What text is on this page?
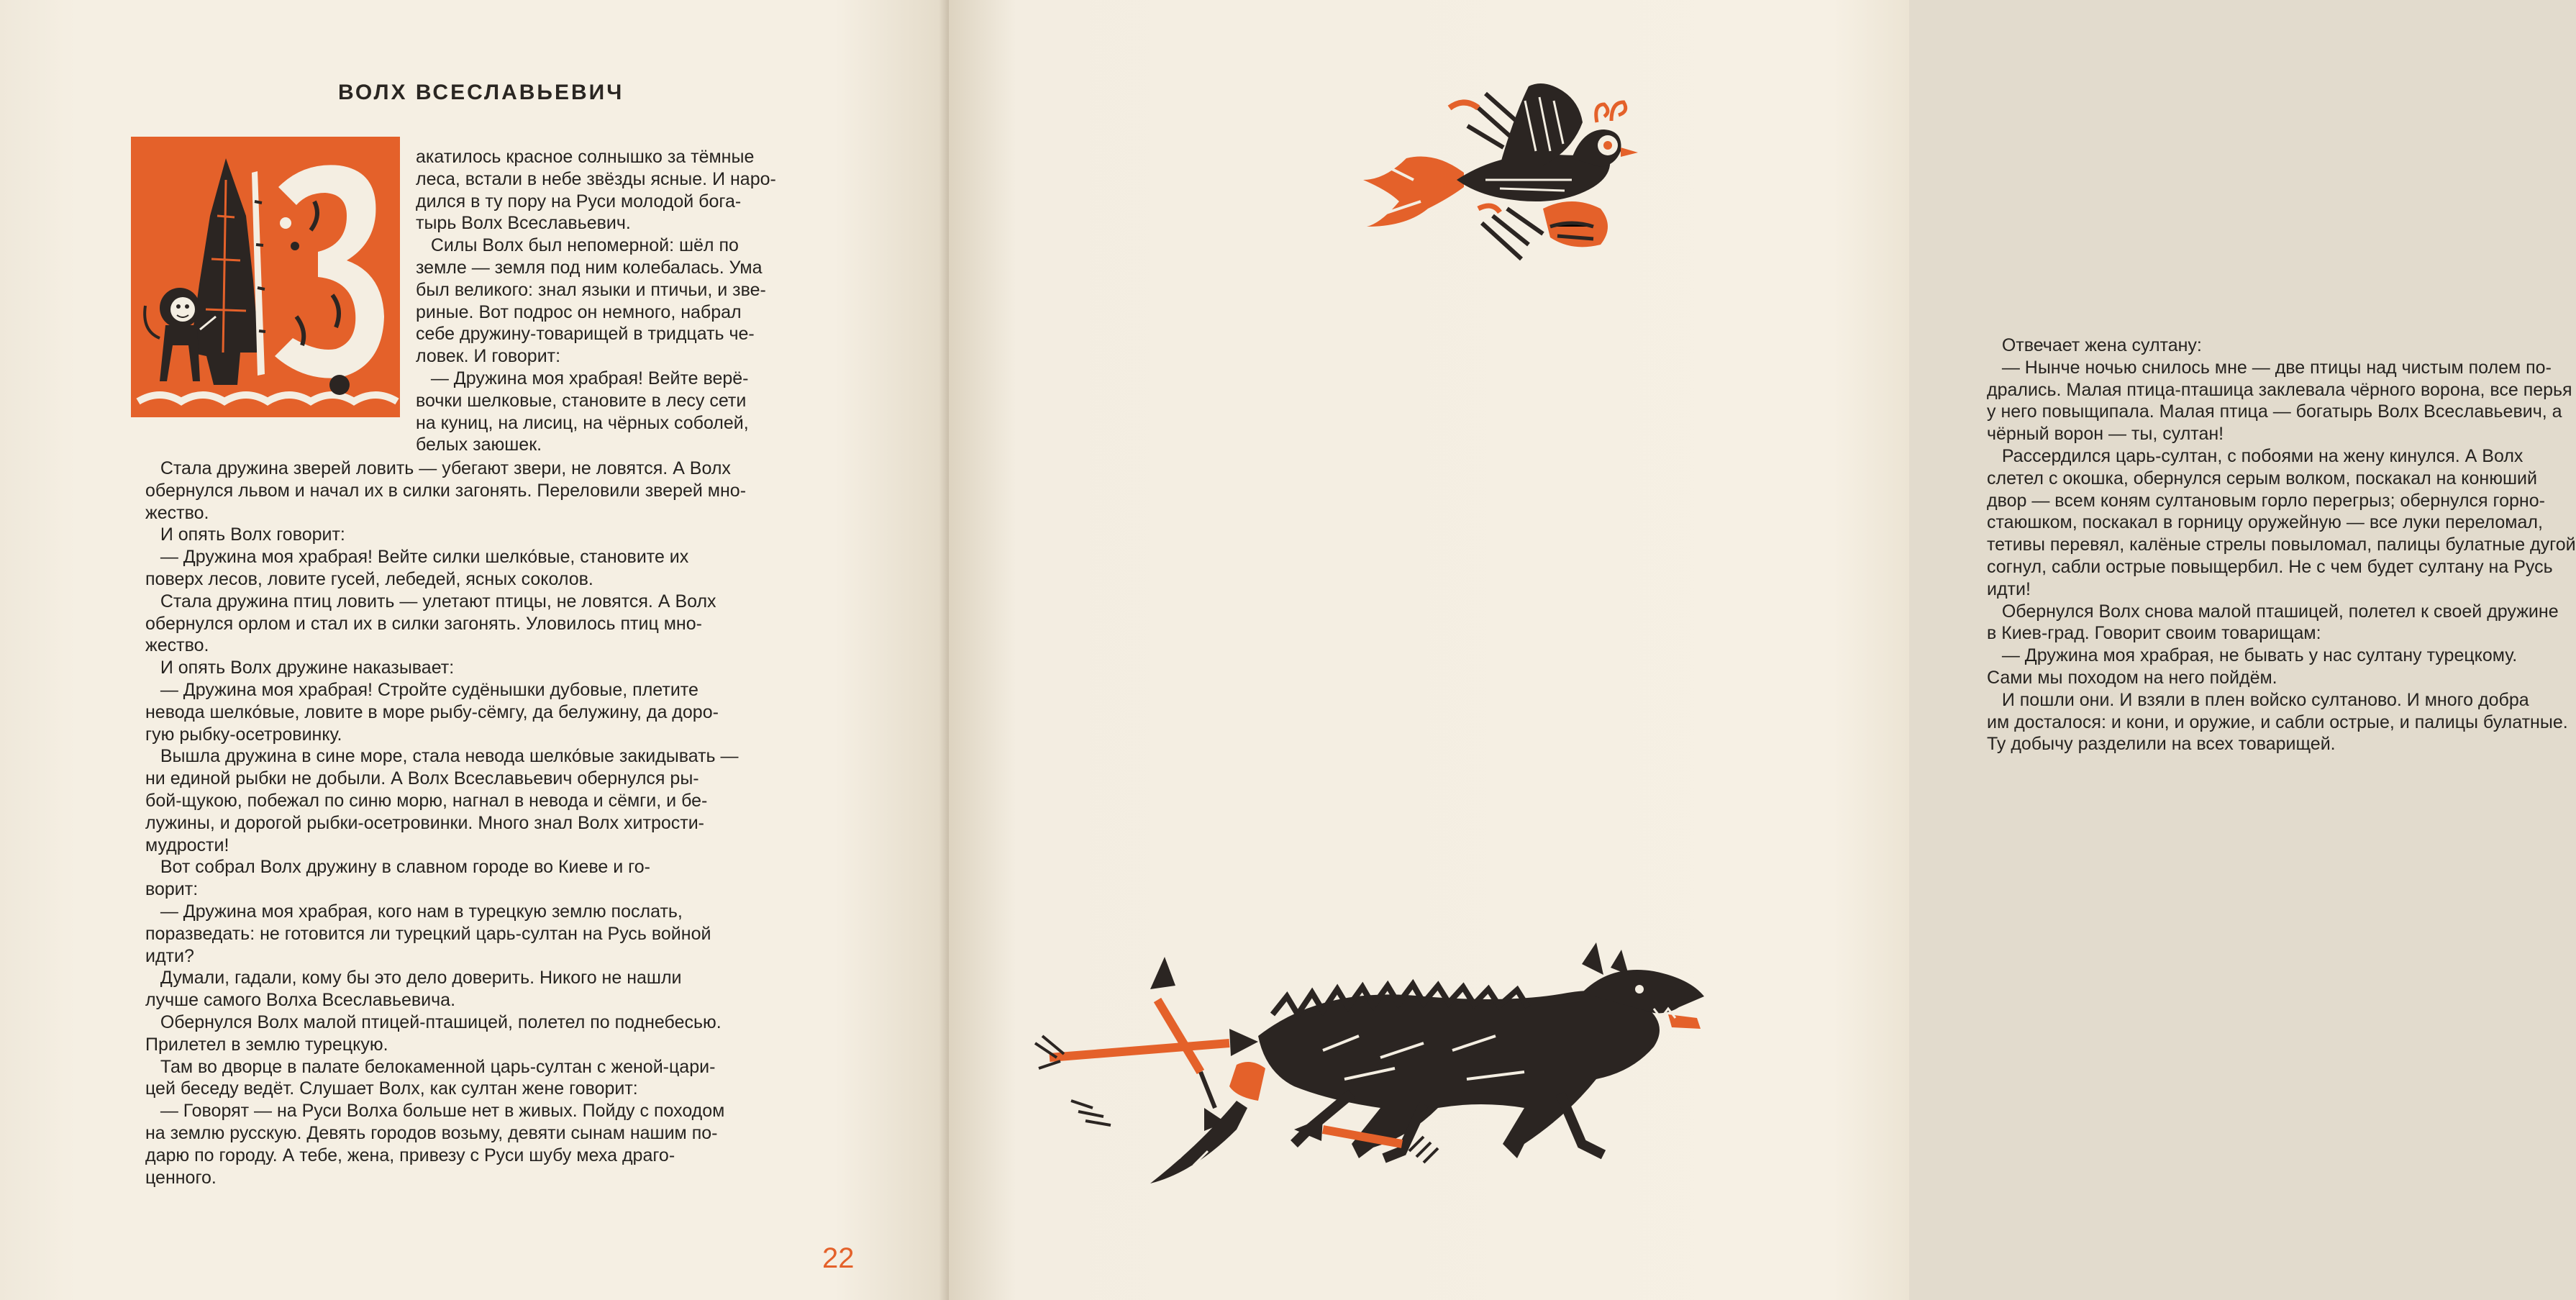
ВОЛХ ВСЕСЛАВЬЕВИЧ

акатилось красное солнышко за тёмные

леса, встали в небе звёзды ясные. И наро-

дился в ту пору на Руси молодой бога-

тырь Волх Всеславьевич.

Силы Волх был непомерной: шёл по

земле — земля под ним колебалась. Ума

был великого: знал языки и птичьи, и зве-

риные. Вот подрос он немного, набрал

себе дружину-товарищей в тридцать че-

ловек. И говорит:

— Дружина моя храбрая! Вейте верё-

вочки шелковые, становите в лесу сети

на куниц, на лисиц, на чёрных соболей,

белых заюшек.

Стала дружина зверей ловить — убегают звери, не ловятся. А Волх

обернулся львом и начал их в силки загонять. Переловили зверей мно-

жество.

И опять Волх говорит:

— Дружина моя храбрая! Вейте силки шелко́вые, становите их

поверх лесов, ловите гусей, лебедей, ясных соколов.

Стала дружина птиц ловить — улетают птицы, не ловятся. А Волх

обернулся орлом и стал их в силки загонять. Уловилось птиц мно-

жество.

И опять Волх дружине наказывает:

— Дружина моя храбрая! Стройте судёнышки дубовые, плетите

невода шелко́вые, ловите в море рыбу-сёмгу, да белужину, да доро-

гую рыбку-осетровинку.

Вышла дружина в сине море, стала невода шелко́вые закидывать —

ни единой рыбки не добыли. А Волх Всеславьевич обернулся ры-

бой-щукою, побежал по синю морю, нагнал в невода и сёмги, и бе-

лужины, и дорогой рыбки-осетровинки. Много знал Волх хитрости-

мудрости!

Вот собрал Волх дружину в славном городе во Киеве и го-

ворит:

— Дружина моя храбрая, кого нам в турецкую землю послать,

поразведать: не готовится ли турецкий царь-султан на Русь войной

идти?

Думали, гадали, кому бы это дело доверить. Никого не нашли

лучше самого Волха Всеславьевича.

Обернулся Волх малой птицей-пташицей, полетел по поднебесью.

Прилетел в землю турецкую.

Там во дворце в палате белокаменной царь-султан с женой-цари-

цей беседу ведёт. Слушает Волх, как султан жене говорит:

— Говорят — на Руси Волха больше нет в живых. Пойду с походом

на землю русскую. Девять городов возьму, девяти сынам нашим по-

дарю по городу. А тебе, жена, привезу с Руси шубу меха драго-

ценного.

22

Отвечает жена султану:

— Нынче ночью снилось мне — две птицы над чистым полем по-

дрались. Малая птица-пташица заклевала чёрного ворона, все перья

у него повыщипала. Малая птица — богатырь Волх Всеславьевич, а

чёрный ворон — ты, султан!

Рассердился царь-султан, с побоями на жену кинулся. А Волх

слетел с окошка, обернулся серым волком, поскакал на конюший

двор — всем коням султановым горло перегрыз; обернулся горно-

стаюшком, поскакал в горницу оружейную — все луки переломал,

тетивы перевял, калёные стрелы повыломал, палицы булатные дугой

согнул, сабли острые повыщербил. Не с чем будет султану на Русь

идти!

Обернулся Волх снова малой пташицей, полетел к своей дружине

в Киев-град. Говорит своим товарищам:

— Дружина моя храбрая, не бывать у нас султану турецкому.

Сами мы походом на него пойдём.

И пошли они. И взяли в плен войско султаново. И много добра

им досталося: и кони, и оружие, и сабли острые, и палицы булатные.

Ту добычу разделили на всех товарищей.
